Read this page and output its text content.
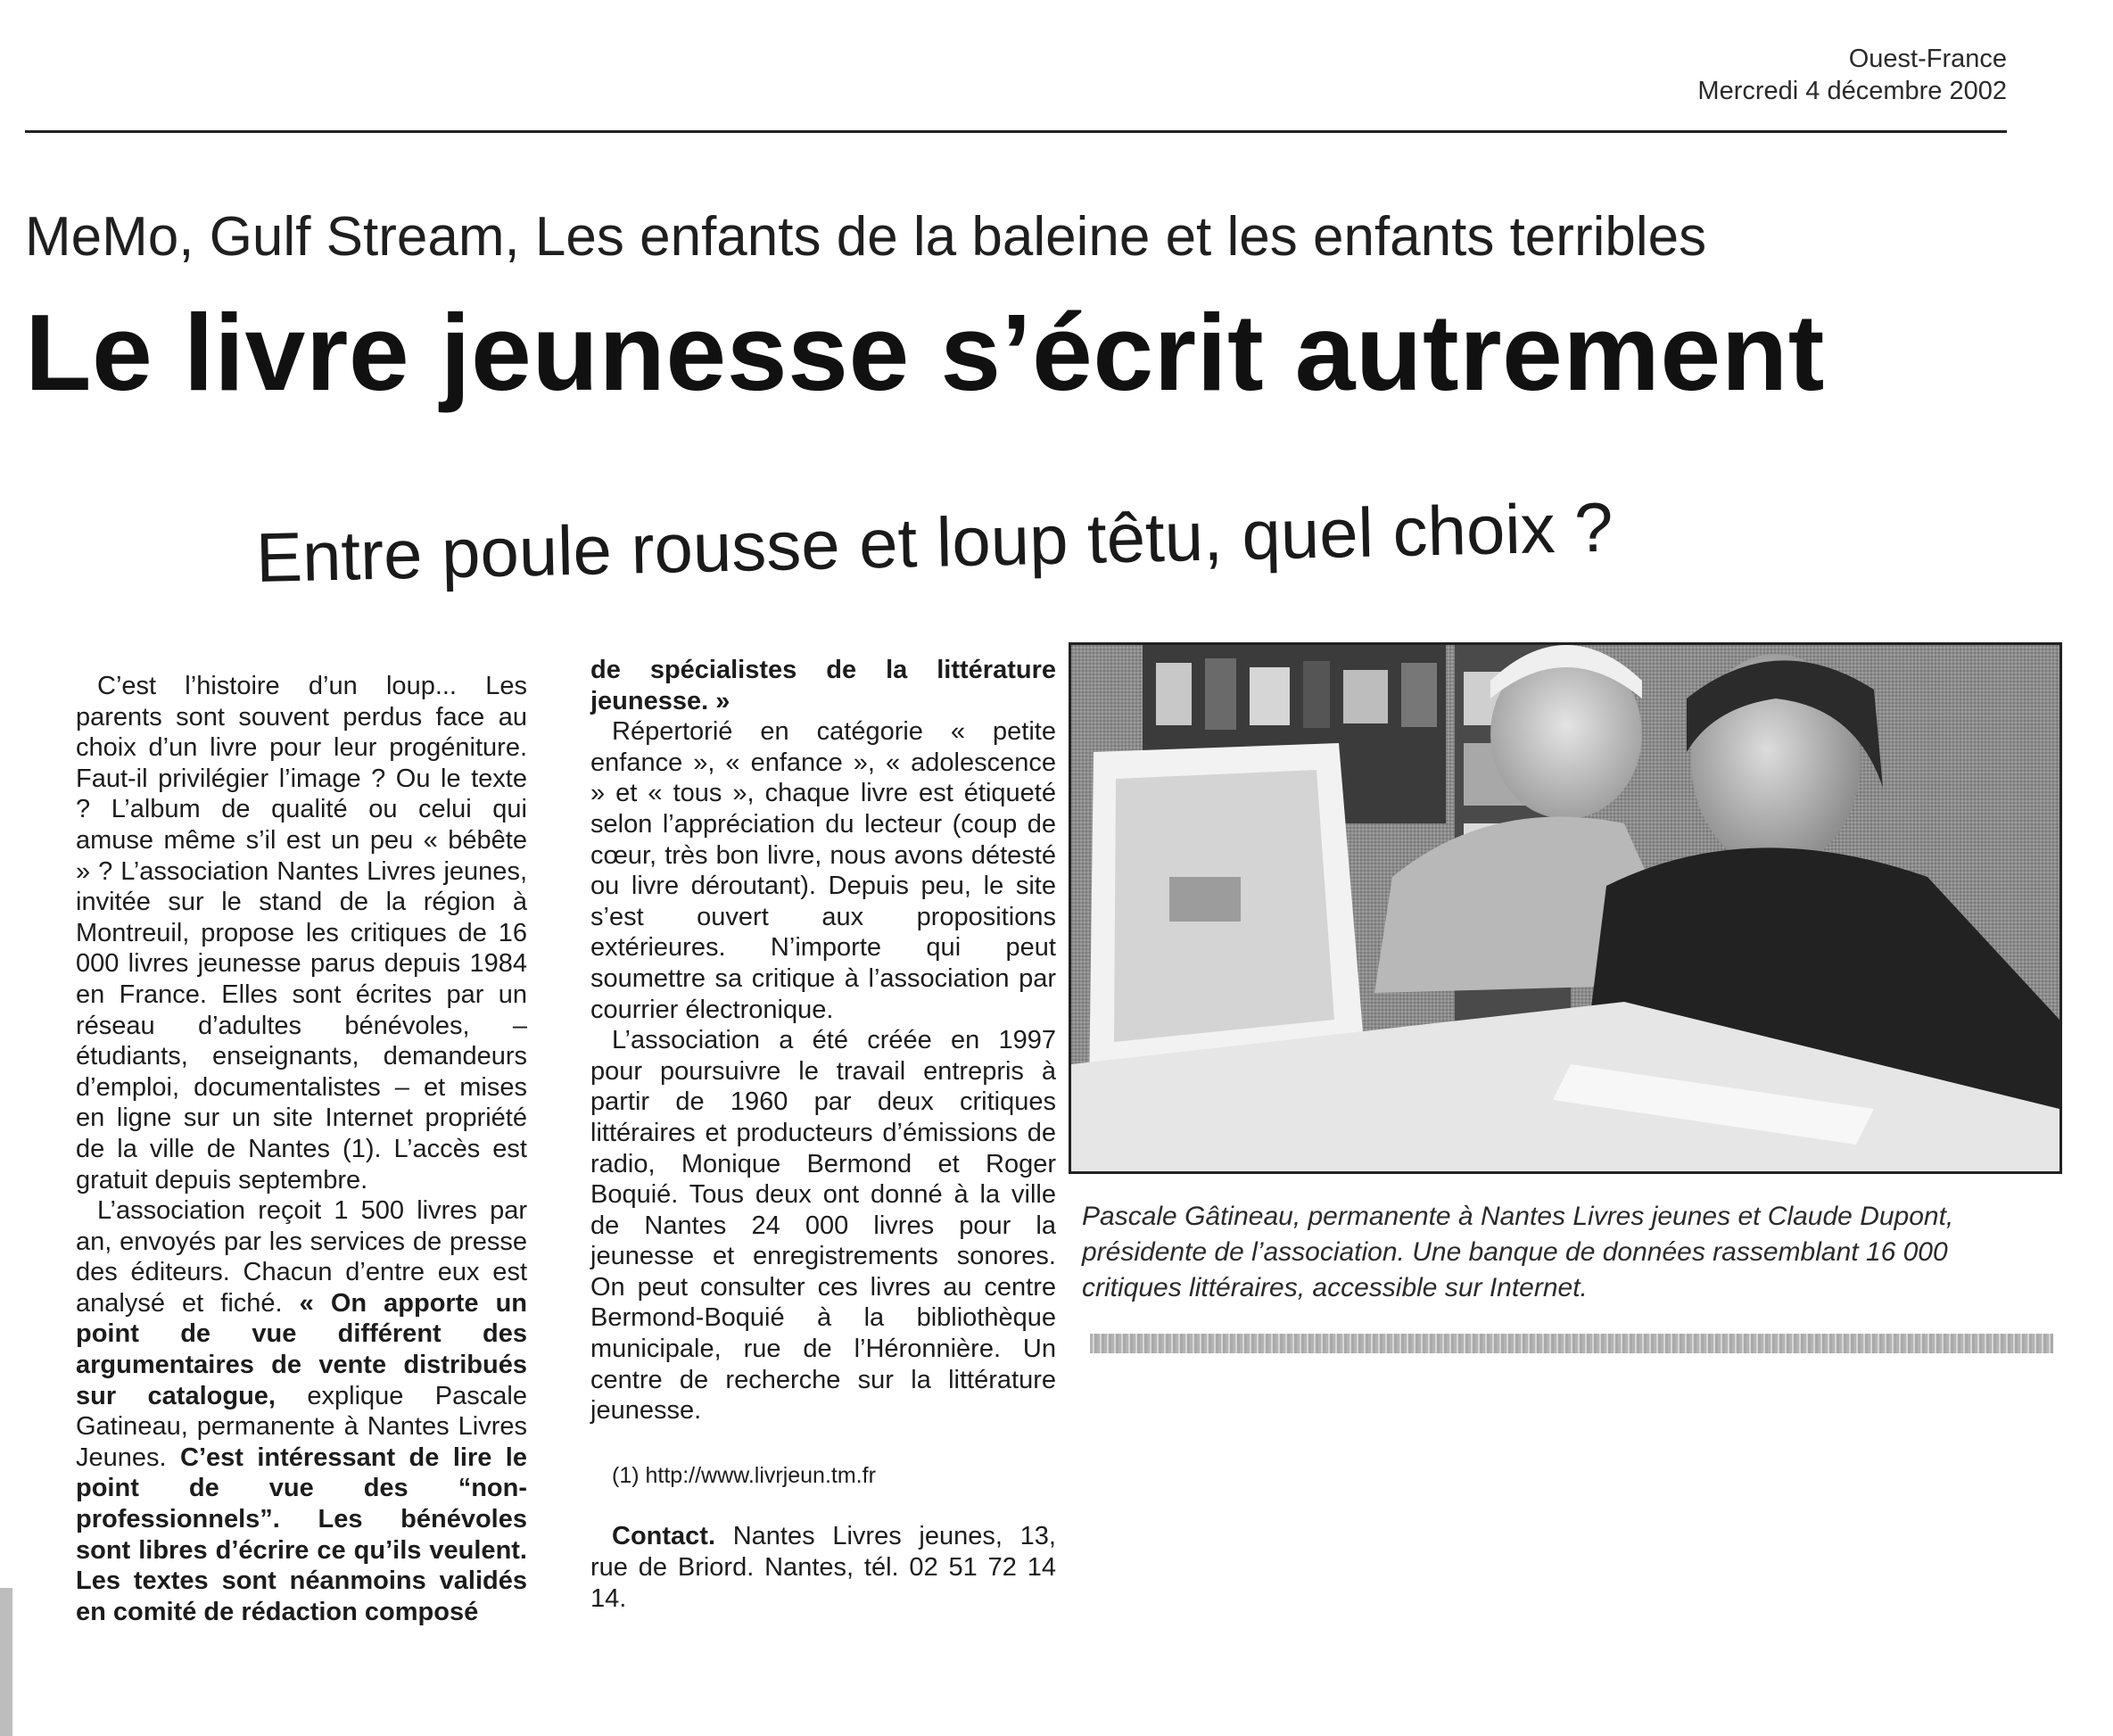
Ouest-France
Mercredi 4 décembre 2002
MeMo, Gulf Stream, Les enfants de la baleine et les enfants terribles
Le livre jeunesse s’écrit autrement
Entre poule rousse et loup têtu, quel choix ?

C’est l’histoire d’un loup... Les parents sont souvent perdus face au choix d’un livre pour leur progéniture. Faut-il privilégier l’image ? Ou le texte ? L’album de qualité ou celui qui amuse même s’il est un peu « bébête » ? L’association Nantes Livres jeunes, invitée sur le stand de la région à Montreuil, propose les critiques de 16 000 livres jeunesse parus depuis 1984 en France. Elles sont écrites par un réseau d’adultes bénévoles, – étudiants, enseignants, demandeurs d’emploi, documentalistes – et mises en ligne sur un site Internet propriété de la ville de Nantes (1). L’accès est gratuit depuis septembre.

L’association reçoit 1 500 livres par an, envoyés par les services de presse des éditeurs. Chacun d’entre eux est analysé et fiché. « On apporte un point de vue différent des argumentaires de vente distribués sur catalogue, explique Pascale Gatineau, permanente à Nantes Livres Jeunes. C’est intéressant de lire le point de vue des “non-professionnels”. Les bénévoles sont libres d’écrire ce qu’ils veulent. Les textes sont néanmoins validés en comité de rédaction composé

de spécialistes de la littérature jeunesse. »

Répertorié en catégorie « petite enfance », « enfance », « adolescence » et « tous », chaque livre est étiqueté selon l’appréciation du lecteur (coup de cœur, très bon livre, nous avons détesté ou livre déroutant). Depuis peu, le site s’est ouvert aux propositions extérieures. N’importe qui peut soumettre sa critique à l’association par courrier électronique.

L’association a été créée en 1997 pour poursuivre le travail entrepris à partir de 1960 par deux critiques littéraires et producteurs d’émissions de radio, Monique Bermond et Roger Boquié. Tous deux ont donné à la ville de Nantes 24 000 livres pour la jeunesse et enregistrements sonores. On peut consulter ces livres au centre Bermond-Boquié à la bibliothèque municipale, rue de l’Héronnière. Un centre de recherche sur la littérature jeunesse.

(1) http://www.livrjeun.tm.fr

Contact. Nantes Livres jeunes, 13, rue de Briord. Nantes, tél. 02 51 72 14 14.

Pascale Gâtineau, permanente à Nantes Livres jeunes et Claude Dupont, présidente de l’association. Une banque de données rassemblant 16 000 critiques littéraires, accessible sur Internet.
